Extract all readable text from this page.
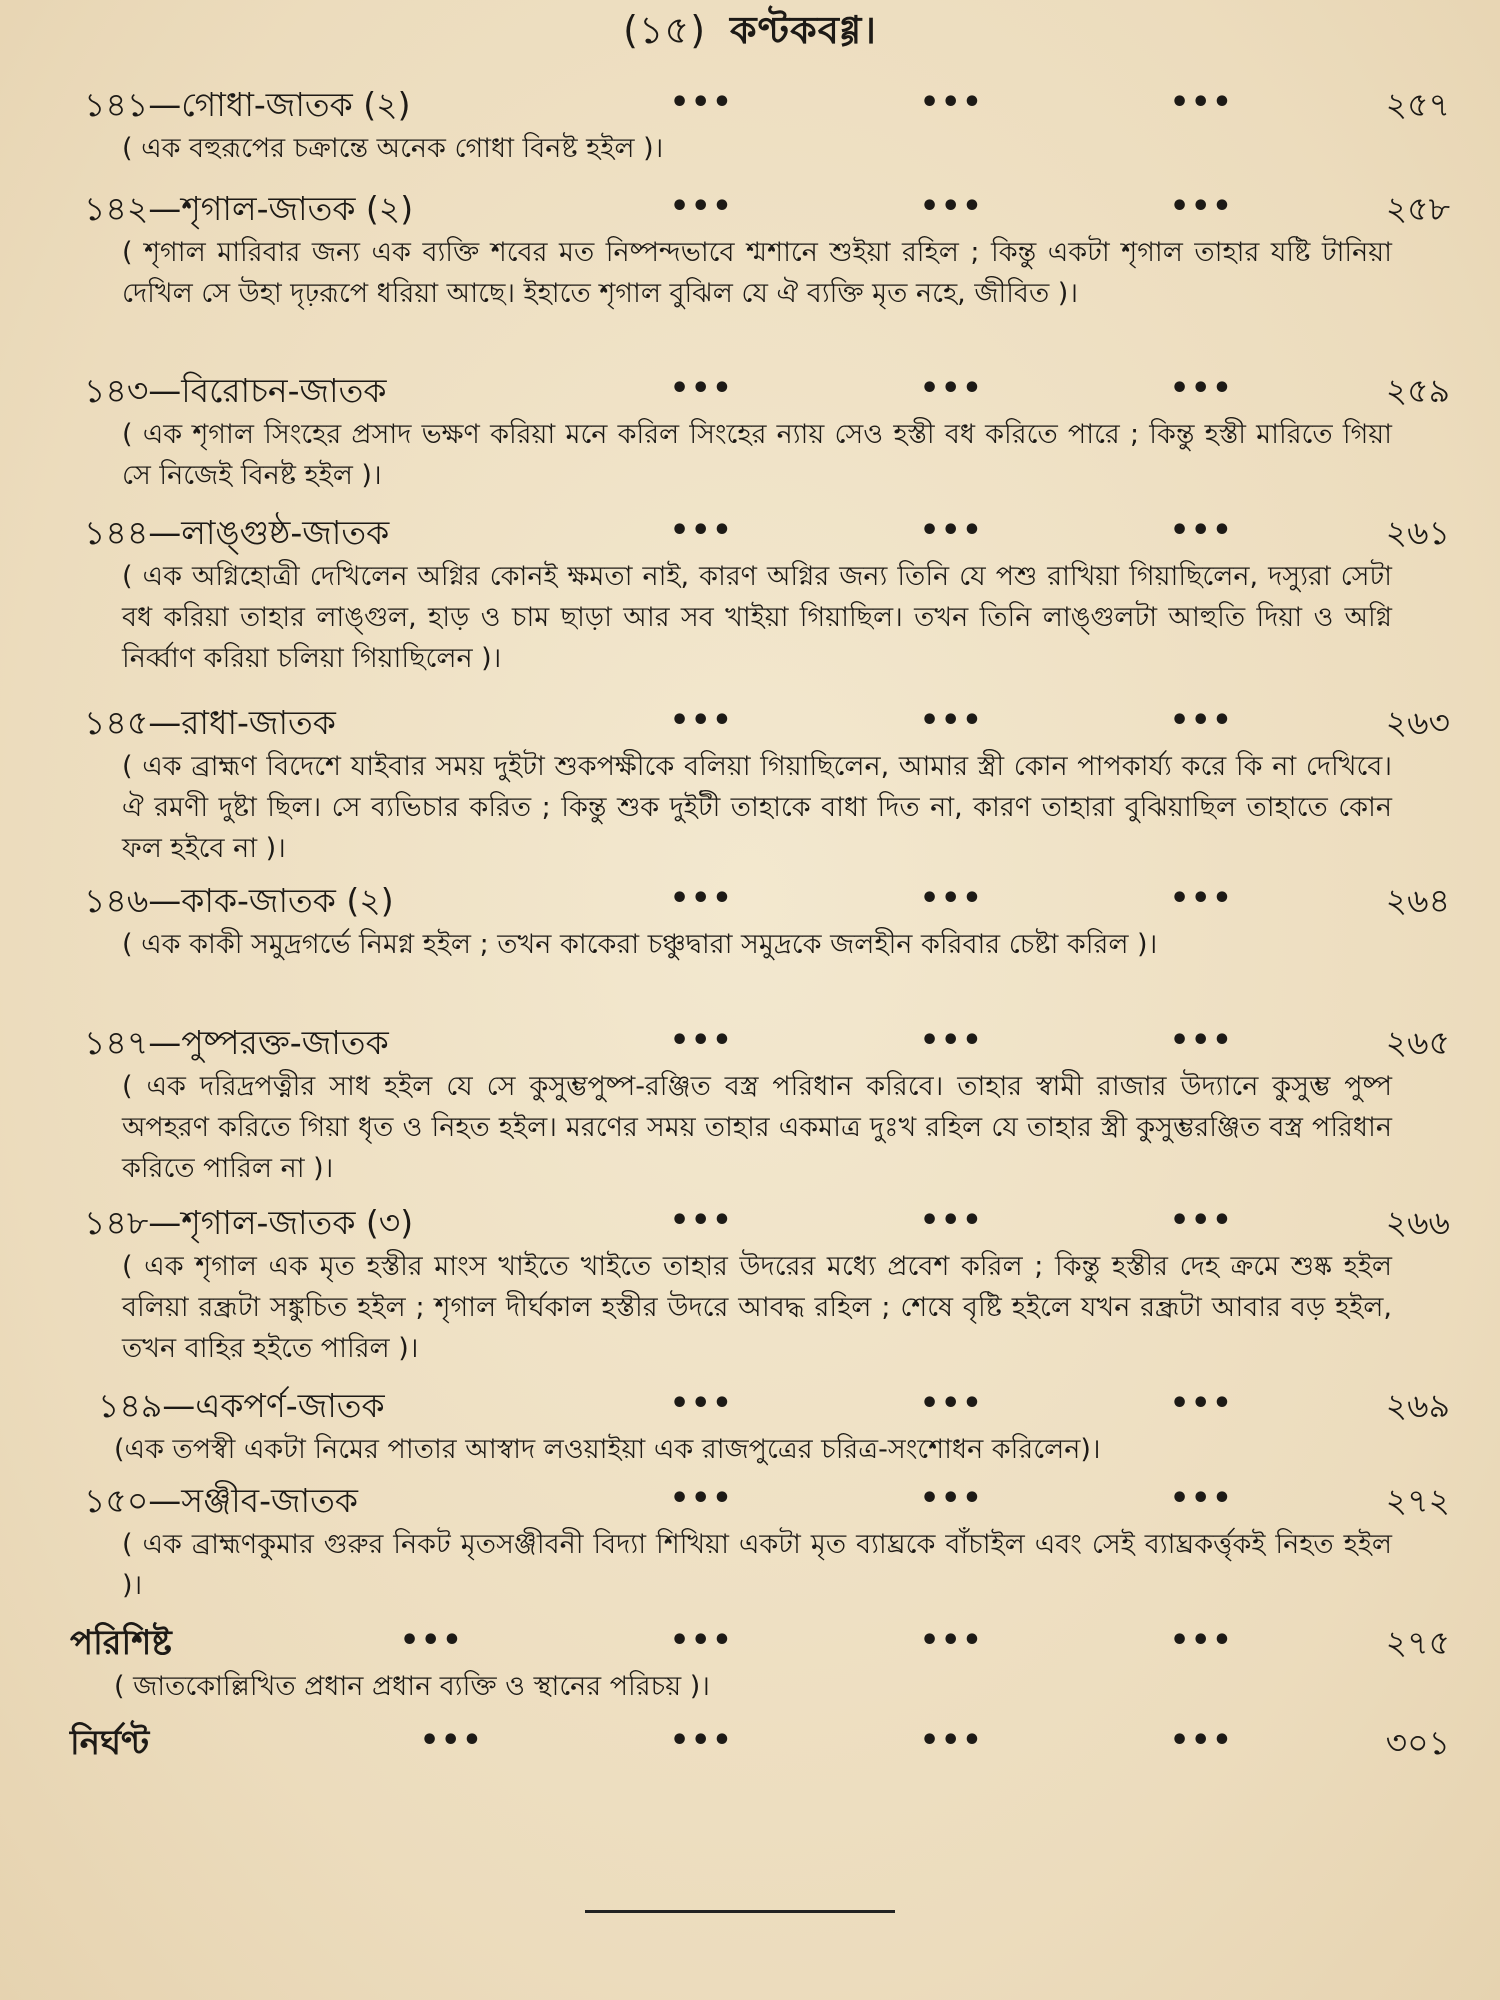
(১৫) কণ্টকবগ্গ।
১৪১—গোধা-জাতক (২)	•••	•••	•••	২৫৭
( এক বহুরূপের চক্রান্তে অনেক গোধা বিনষ্ট হইল )।
১৪২—শৃগাল-জাতক (২)	•••	•••	•••	২৫৮
( শৃগাল মারিবার জন্য এক ব্যক্তি শবের মত নিষ্পন্দভাবে শ্মশানে শুইয়া রহিল ; কিন্তু একটা শৃগাল তাহার যষ্টি টানিয়া দেখিল সে উহা দৃঢ়রূপে ধরিয়া আছে। ইহাতে শৃগাল বুঝিল যে ঐ ব্যক্তি মৃত নহে, জীবিত )।
১৪৩—বিরোচন-জাতক	•••	•••	•••	২৫৯
( এক শৃগাল সিংহের প্রসাদ ভক্ষণ করিয়া মনে করিল সিংহের ন্যায় সেও হস্তী বধ করিতে পারে ; কিন্তু হস্তী মারিতে গিয়া সে নিজেই বিনষ্ট হইল )।
১৪৪—লাঙ্গুষ্ঠ-জাতক	•••	•••	•••	২৬১
( এক অগ্নিহোত্রী দেখিলেন অগ্নির কোনই ক্ষমতা নাই, কারণ অগ্নির জন্য তিনি যে পশু রাখিয়া গিয়াছিলেন, দস্যুরা সেটা বধ করিয়া তাহার লাঙ্গুল, হাড় ও চাম ছাড়া আর সব খাইয়া গিয়াছিল। তখন তিনি লাঙ্গুলটা আহুতি দিয়া ও অগ্নি নির্ব্বাণ করিয়া চলিয়া গিয়াছিলেন )।
১৪৫—রাধা-জাতক	•••	•••	•••	২৬৩
( এক ব্রাহ্মণ বিদেশে যাইবার সময় দুইটা শুকপক্ষীকে বলিয়া গিয়াছিলেন, আমার স্ত্রী কোন পাপকার্য্য করে কি না দেখিবে। ঐ রমণী দুষ্টা ছিল। সে ব্যভিচার করিত ; কিন্তু শুক দুইটী তাহাকে বাধা দিত না, কারণ তাহারা বুঝিয়াছিল তাহাতে কোন ফল হইবে না )।
১৪৬—কাক-জাতক (২)	•••	•••	•••	২৬৪
( এক কাকী সমুদ্রগর্ভে নিমগ্ন হইল ; তখন কাকেরা চঞ্চুদ্বারা সমুদ্রকে জলহীন করিবার চেষ্টা করিল )।
১৪৭—পুষ্পরক্ত-জাতক	•••	•••	•••	২৬৫
( এক দরিদ্রপত্নীর সাধ হইল যে সে কুসুম্ভপুষ্প-রঞ্জিত বস্ত্র পরিধান করিবে। তাহার স্বামী রাজার উদ্যানে কুসুম্ভ পুষ্প অপহরণ করিতে গিয়া ধৃত ও নিহত হইল। মরণের সময় তাহার একমাত্র দুঃখ রহিল যে তাহার স্ত্রী কুসুম্ভরঞ্জিত বস্ত্র পরিধান করিতে পারিল না )।
১৪৮—শৃগাল-জাতক (৩)	•••	•••	•••	২৬৬
( এক শৃগাল এক মৃত হস্তীর মাংস খাইতে খাইতে তাহার উদরের মধ্যে প্রবেশ করিল ; কিন্তু হস্তীর দেহ ক্রমে শুষ্ক হইল বলিয়া রন্ধ্রটা সঙ্কুচিত হইল ; শৃগাল দীর্ঘকাল হস্তীর উদরে আবদ্ধ রহিল ; শেষে বৃষ্টি হইলে যখন রন্ধ্রটা আবার বড় হইল, তখন বাহির হইতে পারিল )।
১৪৯—একপর্ণ-জাতক	•••	•••	•••	২৬৯
(এক তপস্বী একটা নিমের পাতার আস্বাদ লওয়াইয়া এক রাজপুত্রের চরিত্র-সংশোধন করিলেন)।
১৫০—সঞ্জীব-জাতক	•••	•••	•••	২৭২
( এক ব্রাহ্মণকুমার গুরুর নিকট মৃতসঞ্জীবনী বিদ্যা শিখিয়া একটা মৃত ব্যাঘ্রকে বাঁচাইল এবং সেই ব্যাঘ্রকর্ত্তৃকই নিহত হইল )।
পরিশিষ্ট	•••	•••	•••	•••	২৭৫
( জাতকোল্লিখিত প্রধান প্রধান ব্যক্তি ও স্থানের পরিচয় )।
নির্ঘণ্ট	•••	•••	•••	•••	৩০১
